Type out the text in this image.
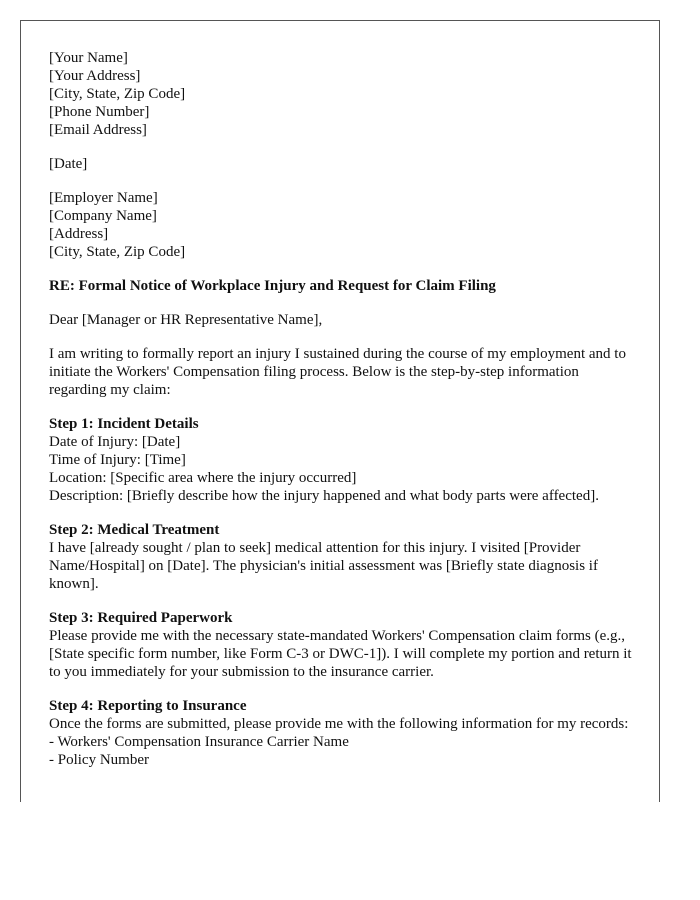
[Your Name]
[Your Address]
[City, State, Zip Code]
[Phone Number]
[Email Address]
[Date]
[Employer Name]
[Company Name]
[Address]
[City, State, Zip Code]
RE: Formal Notice of Workplace Injury and Request for Claim Filing
Dear [Manager or HR Representative Name],

I am writing to formally report an injury I sustained during the course of my employment and to initiate the Workers' Compensation filing process. Below is the step-by-step information regarding my claim:

Step 1: Incident Details
Date of Injury: [Date]
Time of Injury: [Time]
Location: [Specific area where the injury occurred]
Description: [Briefly describe how the injury happened and what body parts were affected].
Step 2: Medical Treatment

I have [already sought / plan to seek] medical attention for this injury. I visited [Provider Name/Hospital] on [Date]. The physician's initial assessment was [Briefly state diagnosis if known].

Step 3: Required Paperwork

Please provide me with the necessary state-mandated Workers' Compensation claim forms (e.g., [State specific form number, like Form C-3 or DWC-1]). I will complete my portion and return it to you immediately for your submission to the insurance carrier.

Step 4: Reporting to Insurance

Once the forms are submitted, please provide me with the following information for my records:

- Workers' Compensation Insurance Carrier Name
- Policy Number
